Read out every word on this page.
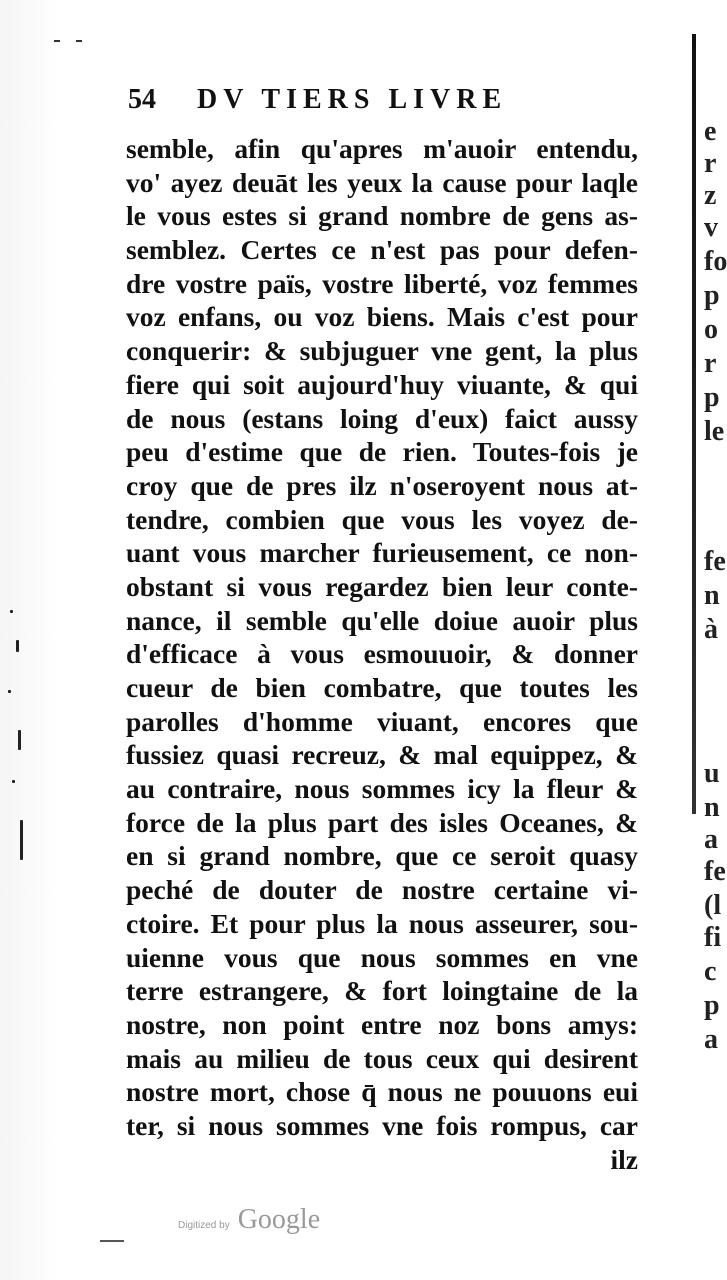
54 DV TIERS LIVRE
semble, afin qu'apres m'auoir entendu,
vo' ayez deuāt les yeux la cause pour laqle
le vous estes si grand nombre de gens as-
semblez. Certes ce n'est pas pour defen-
dre vostre païs, vostre liberté, voz femmes
voz enfans, ou voz biens. Mais c'est pour
conquerir: & subjuguer vne gent, la plus
fiere qui soit aujourd'huy viuante, & qui
de nous (estans loing d'eux) faict aussy
peu d'estime que de rien. Toutes-fois je
croy que de pres ilz n'oseroyent nous at-
tendre, combien que vous les voyez de-
uant vous marcher furieusement, ce non-
obstant si vous regardez bien leur conte-
nance, il semble qu'elle doiue auoir plus
d'efficace à vous esmouuoir, & donner
cueur de bien combatre, que toutes les
parolles d'homme viuant, encores que
fussiez quasi recreuz, & mal equippez, &
au contraire, nous sommes icy la fleur &
force de la plus part des isles Oceanes, &
en si grand nombre, que ce seroit quasy
peché de douter de nostre certaine vi-
ctoire. Et pour plus la nous asseurer, sou-
uienne vous que nous sommes en vne
terre estrangere, & fort loingtaine de la
nostre, non point entre noz bons amys:
mais au milieu de tous ceux qui desirent
nostre mort, chose q̄ nous ne pouuons eui
ter, si nous sommes vne fois rompus, car
ilz
e
r
z
v
fo
p
o
r
p
le
fe
n
à
u
n
a
fe
(l
fi
c
p
a
Digitized by Google
